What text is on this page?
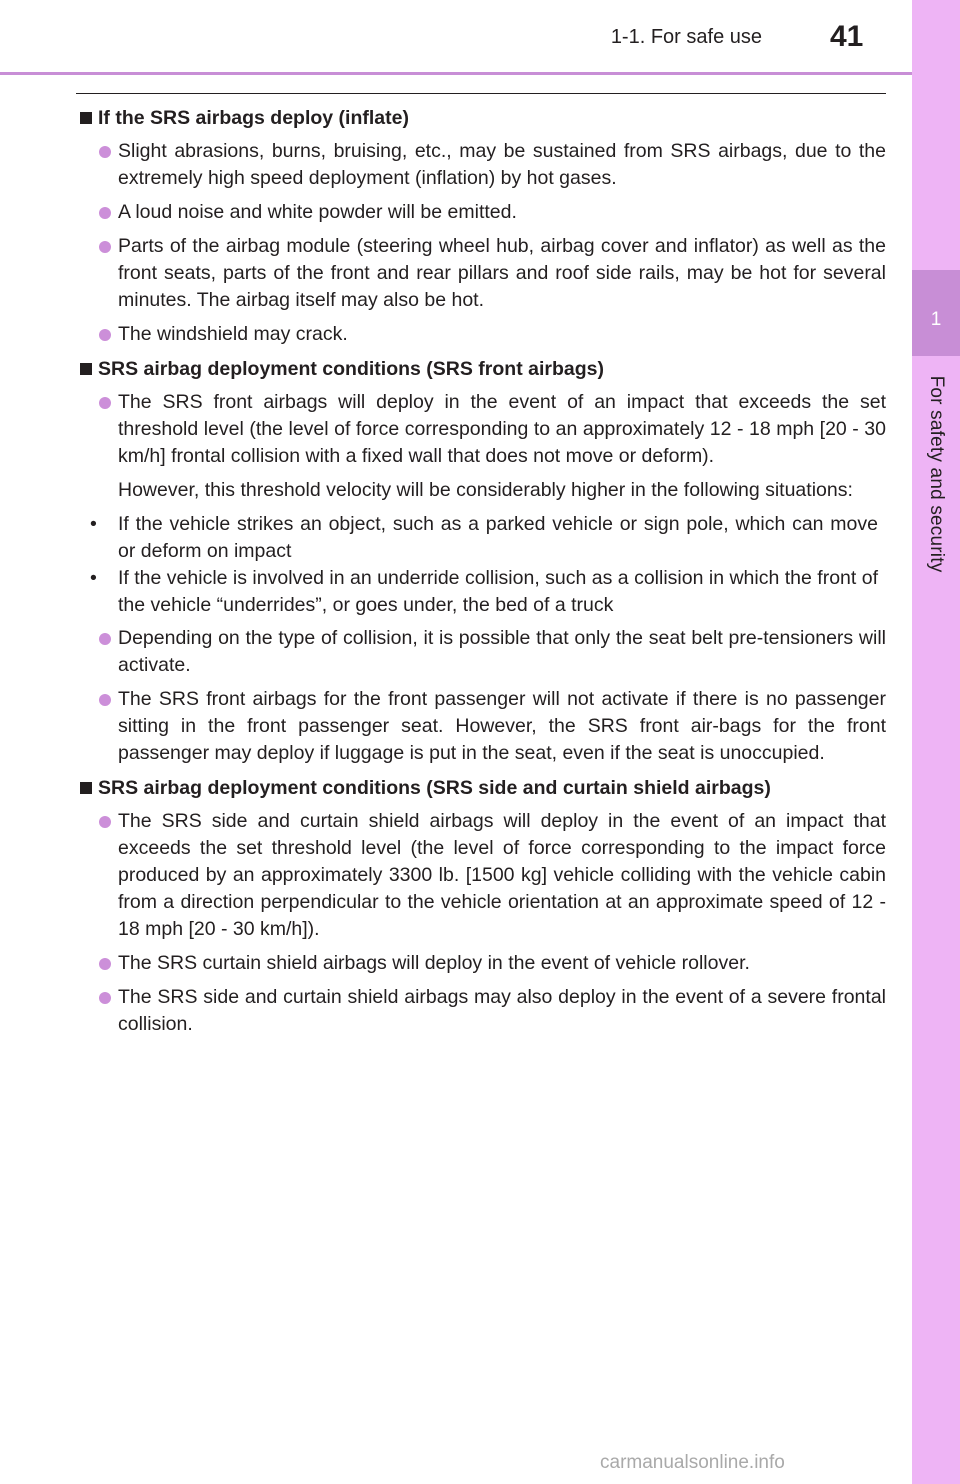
1
For safety and security
1-1. For safe use 41
If the SRS airbags deploy (inflate)
Slight abrasions, burns, bruising, etc., may be sustained from SRS airbags, due to the extremely high speed deployment (inflation) by hot gases.
A loud noise and white powder will be emitted.
Parts of the airbag module (steering wheel hub, airbag cover and inflator) as well as the front seats, parts of the front and rear pillars and roof side rails, may be hot for several minutes. The airbag itself may also be hot.
The windshield may crack.
SRS airbag deployment conditions (SRS front airbags)
The SRS front airbags will deploy in the event of an impact that exceeds the set threshold level (the level of force corresponding to an approximately 12 - 18 mph [20 - 30 km/h] frontal collision with a fixed wall that does not move or deform).
However, this threshold velocity will be considerably higher in the following situations:
• If the vehicle strikes an object, such as a parked vehicle or sign pole, which can move or deform on impact
• If the vehicle is involved in an underride collision, such as a collision in which the front of the vehicle “underrides”, or goes under, the bed of a truck
Depending on the type of collision, it is possible that only the seat belt pre-tensioners will activate.
The SRS front airbags for the front passenger will not activate if there is no passenger sitting in the front passenger seat. However, the SRS front air-bags for the front passenger may deploy if luggage is put in the seat, even if the seat is unoccupied.
SRS airbag deployment conditions (SRS side and curtain shield airbags)
The SRS side and curtain shield airbags will deploy in the event of an impact that exceeds the set threshold level (the level of force corresponding to the impact force produced by an approximately 3300 lb. [1500 kg] vehicle colliding with the vehicle cabin from a direction perpendicular to the vehicle orientation at an approximate speed of 12 - 18 mph [20 - 30 km/h]).
The SRS curtain shield airbags will deploy in the event of vehicle rollover.
The SRS side and curtain shield airbags may also deploy in the event of a severe frontal collision.
carmanualsonline.info
